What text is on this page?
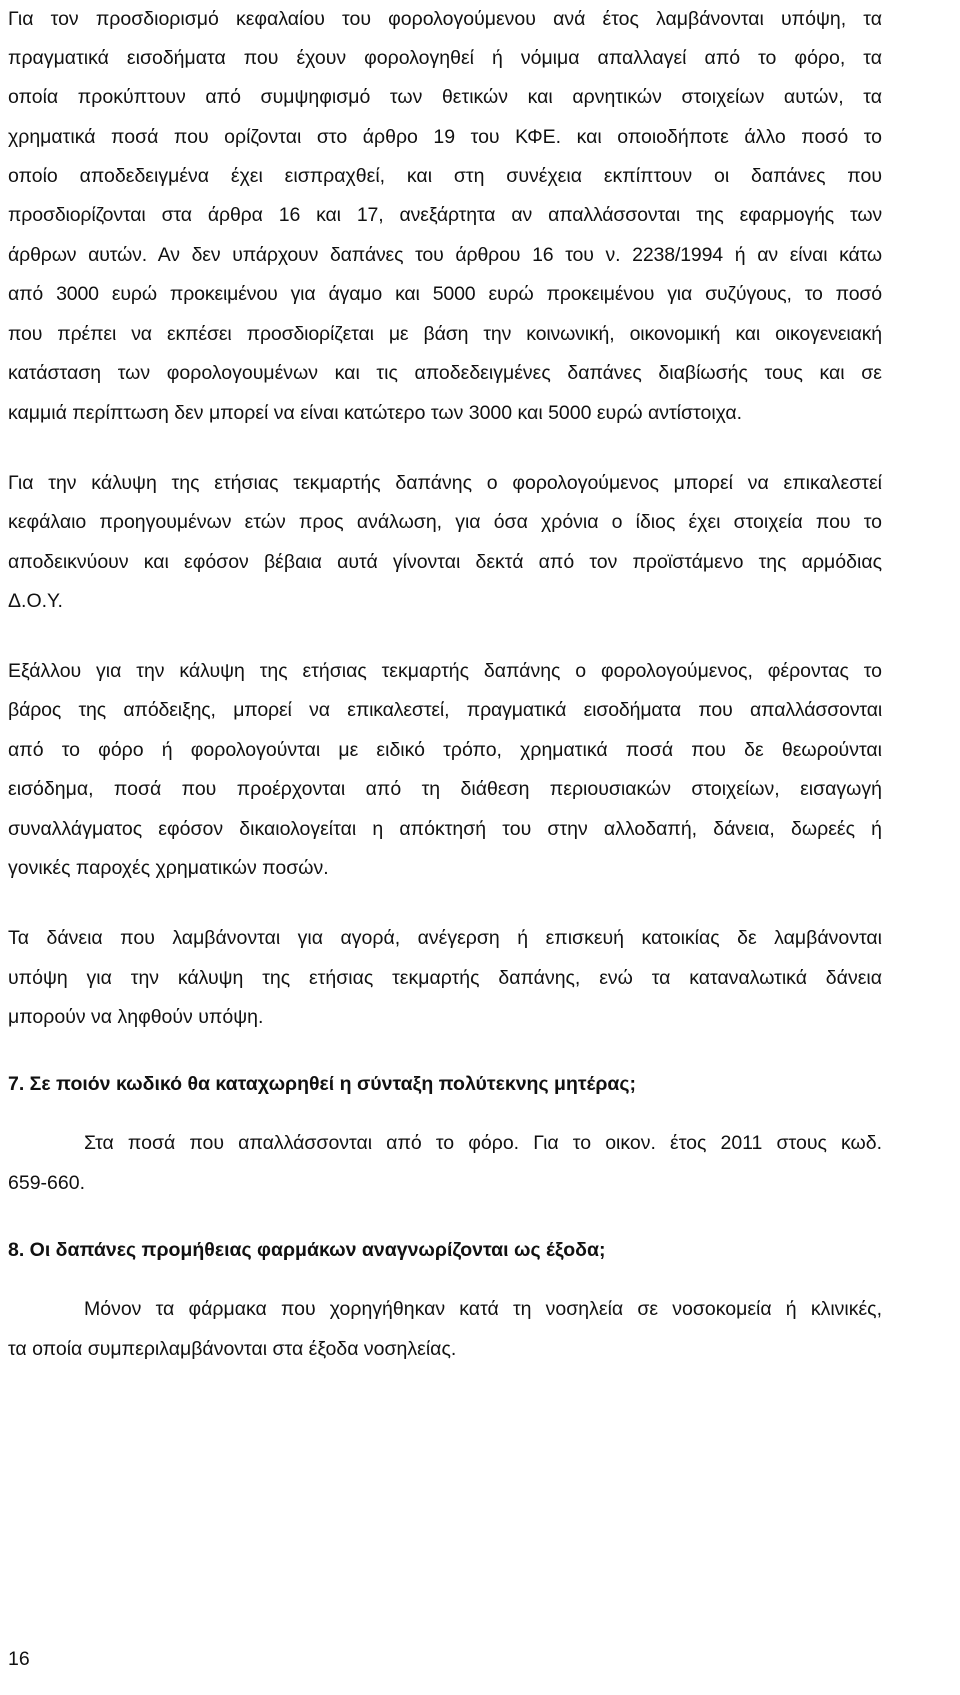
Για τον προσδιορισμό κεφαλαίου του φορολογούμενου ανά έτος λαμβάνονται υπόψη, τα
πραγματικά εισοδήματα που έχουν φορολογηθεί ή νόμιμα απαλλαγεί από το φόρο, τα
οποία προκύπτουν από συμψηφισμό των θετικών και αρνητικών στοιχείων αυτών, τα
χρηματικά ποσά που ορίζονται στο άρθρο 19 του ΚΦΕ. και οποιοδήποτε άλλο ποσό το
οποίο αποδεδειγμένα έχει εισπραχθεί, και στη συνέχεια εκπίπτουν οι δαπάνες που
προσδιορίζονται στα άρθρα 16 και 17, ανεξάρτητα αν απαλλάσσονται της εφαρμογής των
άρθρων αυτών. Αν δεν υπάρχουν δαπάνες του άρθρου 16 του ν. 2238/1994 ή αν είναι κάτω
από 3000 ευρώ προκειμένου για άγαμο και 5000 ευρώ προκειμένου για συζύγους, το ποσό
που πρέπει να εκπέσει προσδιορίζεται με βάση την κοινωνική, οικονομική και οικογενειακή
κατάσταση των φορολογουμένων και τις αποδεδειγμένες δαπάνες διαβίωσής τους και σε
καμμιά περίπτωση δεν μπορεί να είναι κατώτερο των 3000 και 5000 ευρώ αντίστοιχα.
Για την κάλυψη της ετήσιας τεκμαρτής δαπάνης ο φορολογούμενος μπορεί να επικαλεστεί
κεφάλαιο προηγουμένων ετών προς ανάλωση, για όσα χρόνια ο ίδιος έχει στοιχεία που το
αποδεικνύουν και εφόσον βέβαια αυτά γίνονται δεκτά από τον προϊστάμενο της αρμόδιας
Δ.Ο.Υ.
Εξάλλου για την κάλυψη της ετήσιας τεκμαρτής δαπάνης ο φορολογούμενος, φέροντας το
βάρος της απόδειξης, μπορεί να επικαλεστεί, πραγματικά εισοδήματα που απαλλάσσονται
από το φόρο ή φορολογούνται με ειδικό τρόπο, χρηματικά ποσά που δε θεωρούνται
εισόδημα, ποσά που προέρχονται από τη διάθεση περιουσιακών στοιχείων, εισαγωγή
συναλλάγματος εφόσον δικαιολογείται η απόκτησή του στην αλλοδαπή, δάνεια, δωρεές ή
γονικές παροχές χρηματικών ποσών.
Τα δάνεια που λαμβάνονται για αγορά, ανέγερση ή επισκευή κατοικίας δε λαμβάνονται
υπόψη για την κάλυψη της ετήσιας τεκμαρτής δαπάνης, ενώ τα καταναλωτικά δάνεια
μπορούν να ληφθούν υπόψη.
7. Σε ποιόν κωδικό θα καταχωρηθεί η σύνταξη πολύτεκνης μητέρας;
Στα ποσά που απαλλάσσονται από το φόρο. Για το οικον. έτος 2011 στους κωδ.
659-660.
8. Οι δαπάνες προμήθειας φαρμάκων αναγνωρίζονται ως έξοδα;
Μόνον τα φάρμακα που χορηγήθηκαν κατά τη νοσηλεία σε νοσοκομεία ή κλινικές,
τα οποία συμπεριλαμβάνονται στα έξοδα νοσηλείας.
16
